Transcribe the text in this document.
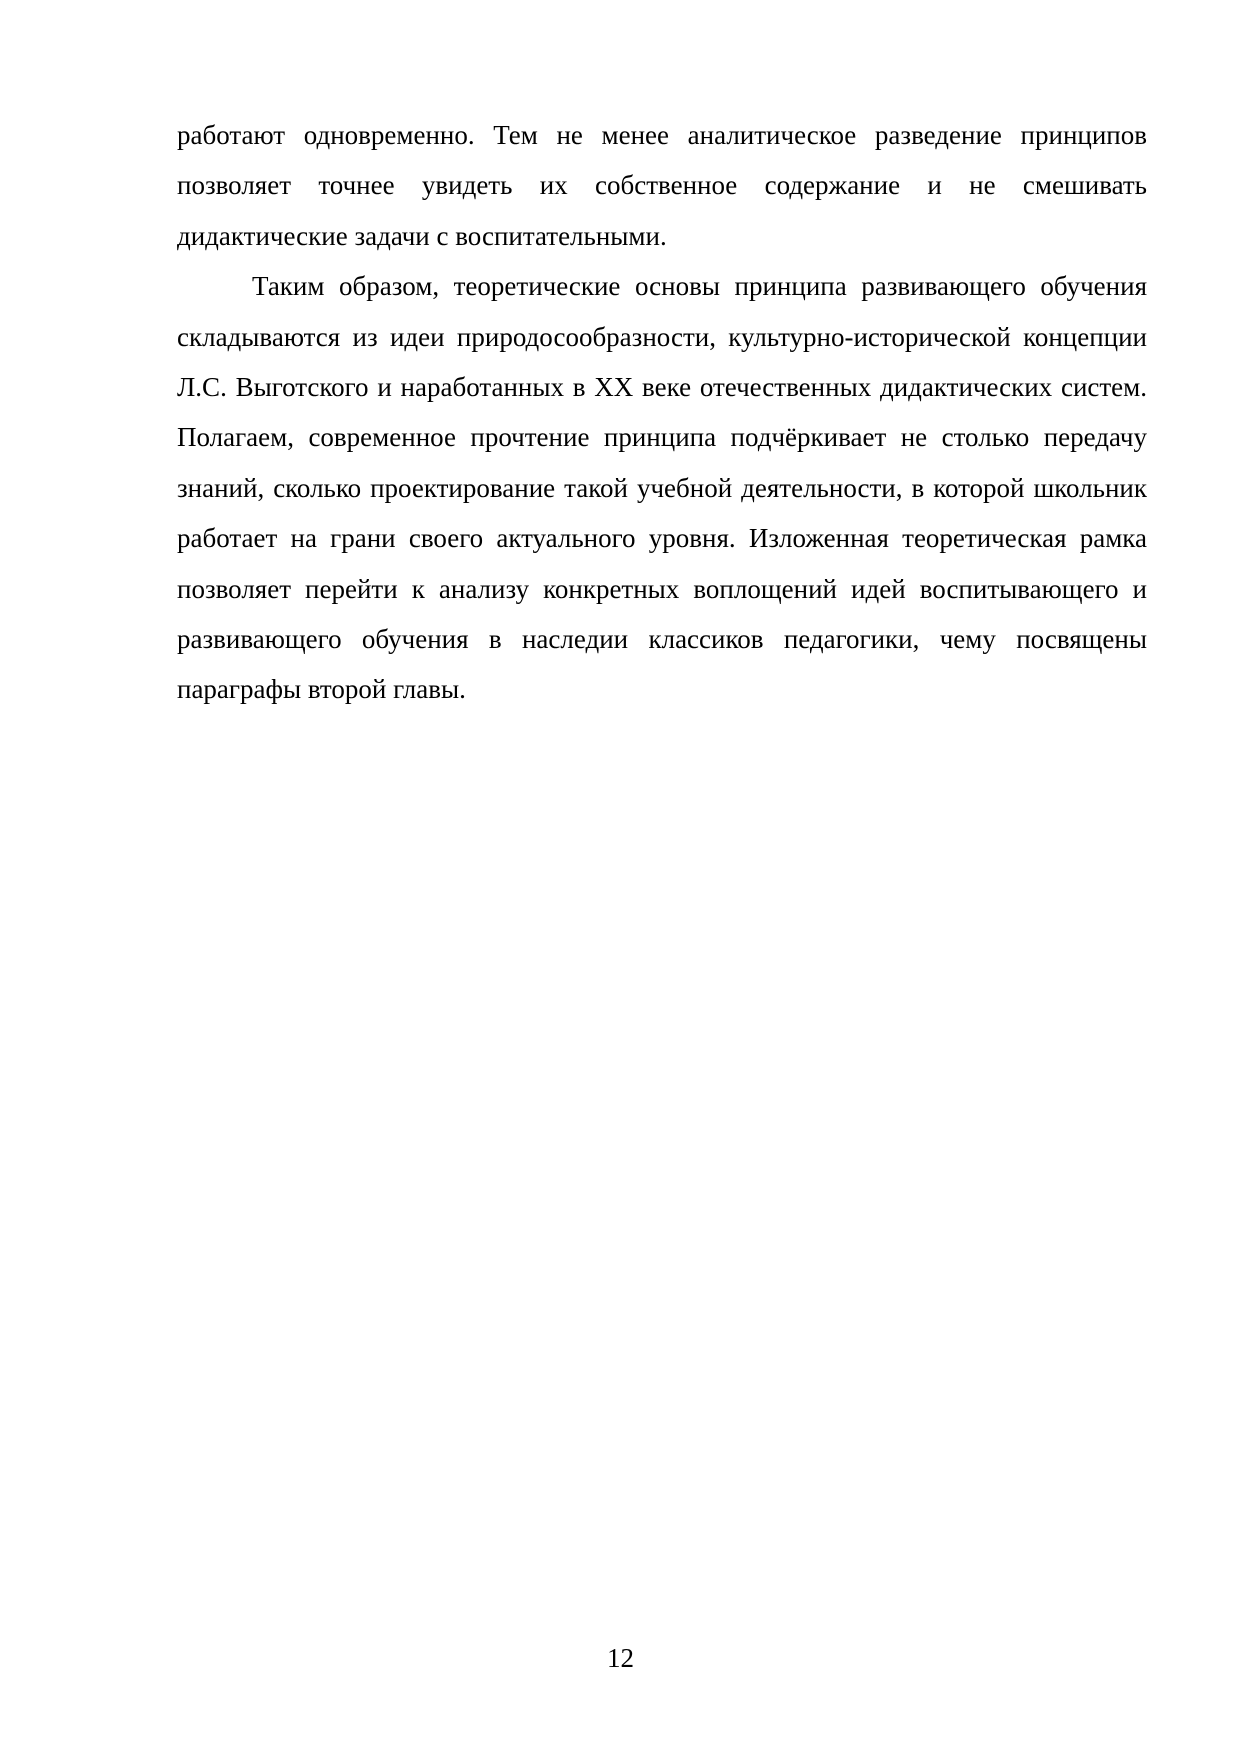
работают одновременно. Тем не менее аналитическое разведение принципов позволяет точнее увидеть их собственное содержание и не смешивать дидактические задачи с воспитательными.

Таким образом, теоретические основы принципа развивающего обучения складываются из идеи природосообразности, культурно-исторической концепции Л.С. Выготского и наработанных в XX веке отечественных дидактических систем. Полагаем, современное прочтение принципа подчёркивает не столько передачу знаний, сколько проектирование такой учебной деятельности, в которой школьник работает на грани своего актуального уровня. Изложенная теоретическая рамка позволяет перейти к анализу конкретных воплощений идей воспитывающего и развивающего обучения в наследии классиков педагогики, чему посвящены параграфы второй главы.

12
